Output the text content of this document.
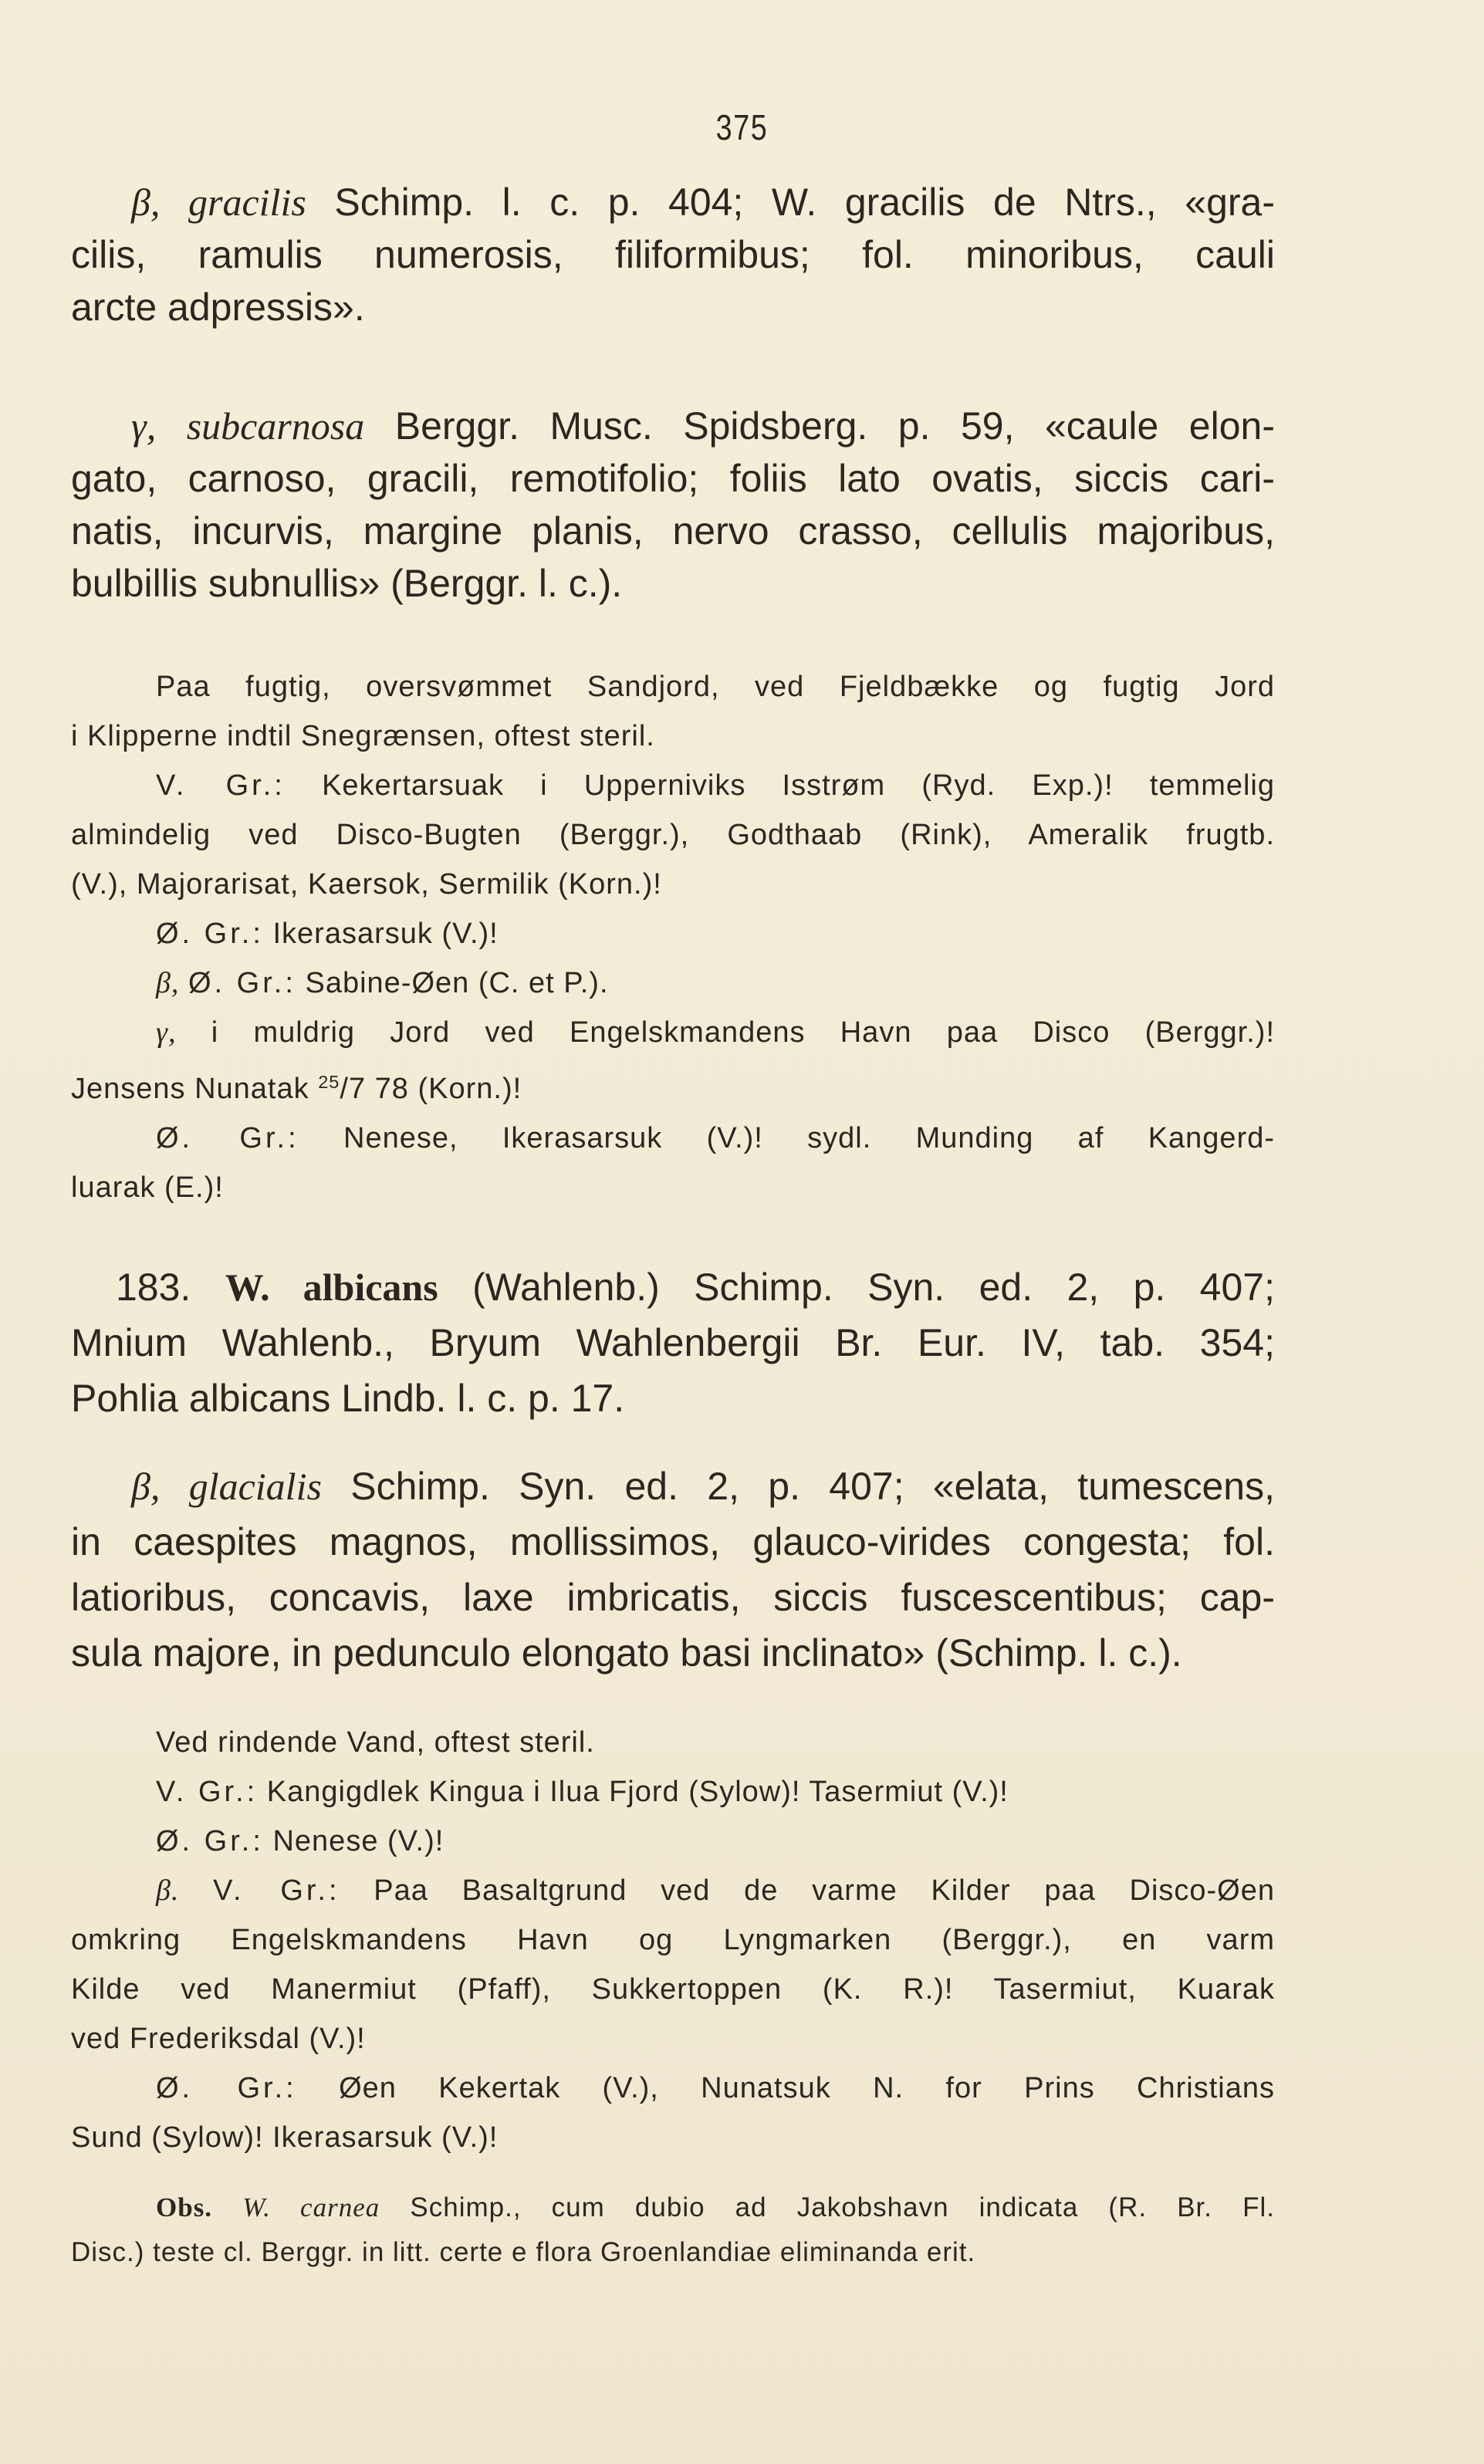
375
β, gracilis Schimp. l. c. p. 404; W. gracilis de Ntrs., «gra-
cilis, ramulis numerosis, filiformibus; fol. minoribus, cauli
arcte adpressis».
γ, subcarnosa Berggr. Musc. Spidsberg. p. 59, «caule elon-
gato, carnoso, gracili, remotifolio; foliis lato ovatis, siccis cari-
natis, incurvis, margine planis, nervo crasso, cellulis majoribus,
bulbillis subnullis» (Berggr. l. c.).
Paa fugtig, oversvømmet Sandjord, ved Fjeldbække og fugtig Jord
i Klipperne indtil Snegrænsen, oftest steril.
V. Gr.: Kekertarsuak i Upperniviks Isstrøm (Ryd. Exp.)! temmelig
almindelig ved Disco-Bugten (Berggr.), Godthaab (Rink), Ameralik frugtb.
(V.), Majorarisat, Kaersok, Sermilik (Korn.)!
Ø. Gr.: Ikerasarsuk (V.)!
β, Ø. Gr.: Sabine-Øen (C. et P.).
γ, i muldrig Jord ved Engelskmandens Havn paa Disco (Berggr.)!
Jensens Nunatak $^{25}$/7 78 (Korn.)!
Ø. Gr.: Nenese, Ikerasarsuk (V.)! sydl. Munding af Kangerd-
luarak (E.)!
183. W. albicans (Wahlenb.) Schimp. Syn. ed. 2, p. 407;
Mnium Wahlenb., Bryum Wahlenbergii Br. Eur. IV, tab. 354;
Pohlia albicans Lindb. l. c. p. 17.
β, glacialis Schimp. Syn. ed. 2, p. 407; «elata, tumescens,
in caespites magnos, mollissimos, glauco-virides congesta; fol.
latioribus, concavis, laxe imbricatis, siccis fuscescentibus; cap-
sula majore, in pedunculo elongato basi inclinato» (Schimp. l. c.).
Ved rindende Vand, oftest steril.
V. Gr.: Kangigdlek Kingua i Ilua Fjord (Sylow)! Tasermiut (V.)!
Ø. Gr.: Nenese (V.)!
β. V. Gr.: Paa Basaltgrund ved de varme Kilder paa Disco-Øen
omkring Engelskmandens Havn og Lyngmarken (Berggr.), en varm
Kilde ved Manermiut (Pfaff), Sukkertoppen (K. R.)! Tasermiut, Kuarak
ved Frederiksdal (V.)!
Ø. Gr.: Øen Kekertak (V.), Nunatsuk N. for Prins Christians
Sund (Sylow)! Ikerasarsuk (V.)!
Obs. W. carnea Schimp., cum dubio ad Jakobshavn indicata (R. Br. Fl.
Disc.) teste cl. Berggr. in litt. certe e flora Groenlandiae eliminanda erit.
